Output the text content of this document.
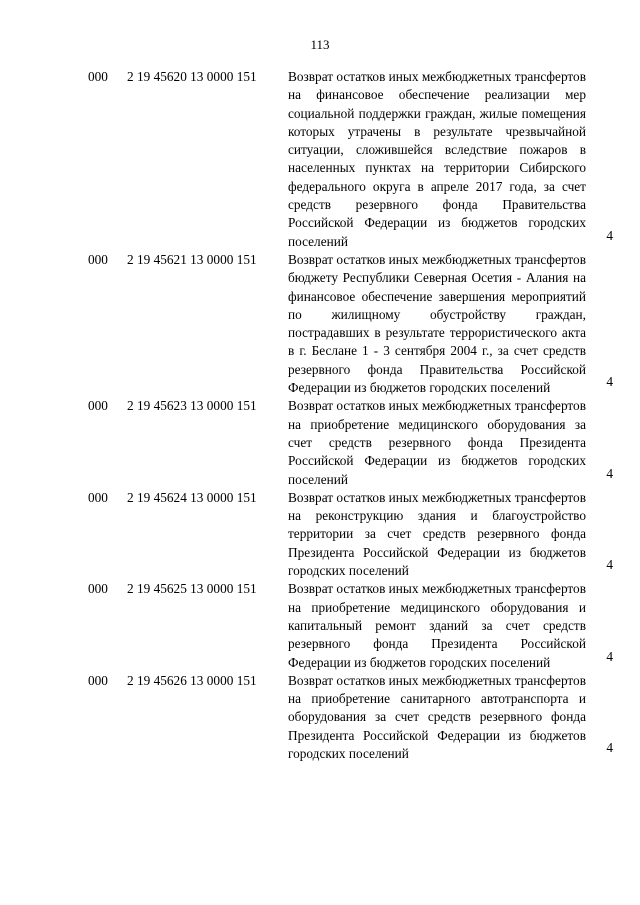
113
000 2 19 45620 13 0000 151 Возврат остатков иных межбюджетных трансфертов на финансовое обеспечение реализации мер социальной поддержки граждан, жилые помещения которых утрачены в результате чрезвычайной ситуации, сложившейся вследствие пожаров в населенных пунктах на территории Сибирского федерального округа в апреле 2017 года, за счет средств резервного фонда Правительства Российской Федерации из бюджетов городских поселений	4
000 2 19 45621 13 0000 151 Возврат остатков иных межбюджетных трансфертов бюджету Республики Северная Осетия - Алания на финансовое обеспечение завершения мероприятий по жилищному обустройству граждан, пострадавших в результате террористического акта в г. Беслане 1 - 3 сентября 2004 г., за счет средств резервного фонда Правительства Российской Федерации из бюджетов городских поселений	4
000 2 19 45623 13 0000 151 Возврат остатков иных межбюджетных трансфертов на приобретение медицинского оборудования за счет средств резервного фонда Президента Российской Федерации из бюджетов городских поселений	4
000 2 19 45624 13 0000 151 Возврат остатков иных межбюджетных трансфертов на реконструкцию здания и благоустройство территории за счет средств резервного фонда Президента Российской Федерации из бюджетов городских поселений	4
000 2 19 45625 13 0000 151 Возврат остатков иных межбюджетных трансфертов на приобретение медицинского оборудования и капитальный ремонт зданий за счет средств резервного фонда Президента Российской Федерации из бюджетов городских поселений	4
000 2 19 45626 13 0000 151 Возврат остатков иных межбюджетных трансфертов на приобретение санитарного автотранспорта и оборудования за счет средств резервного фонда Президента Российской Федерации из бюджетов городских поселений	4
